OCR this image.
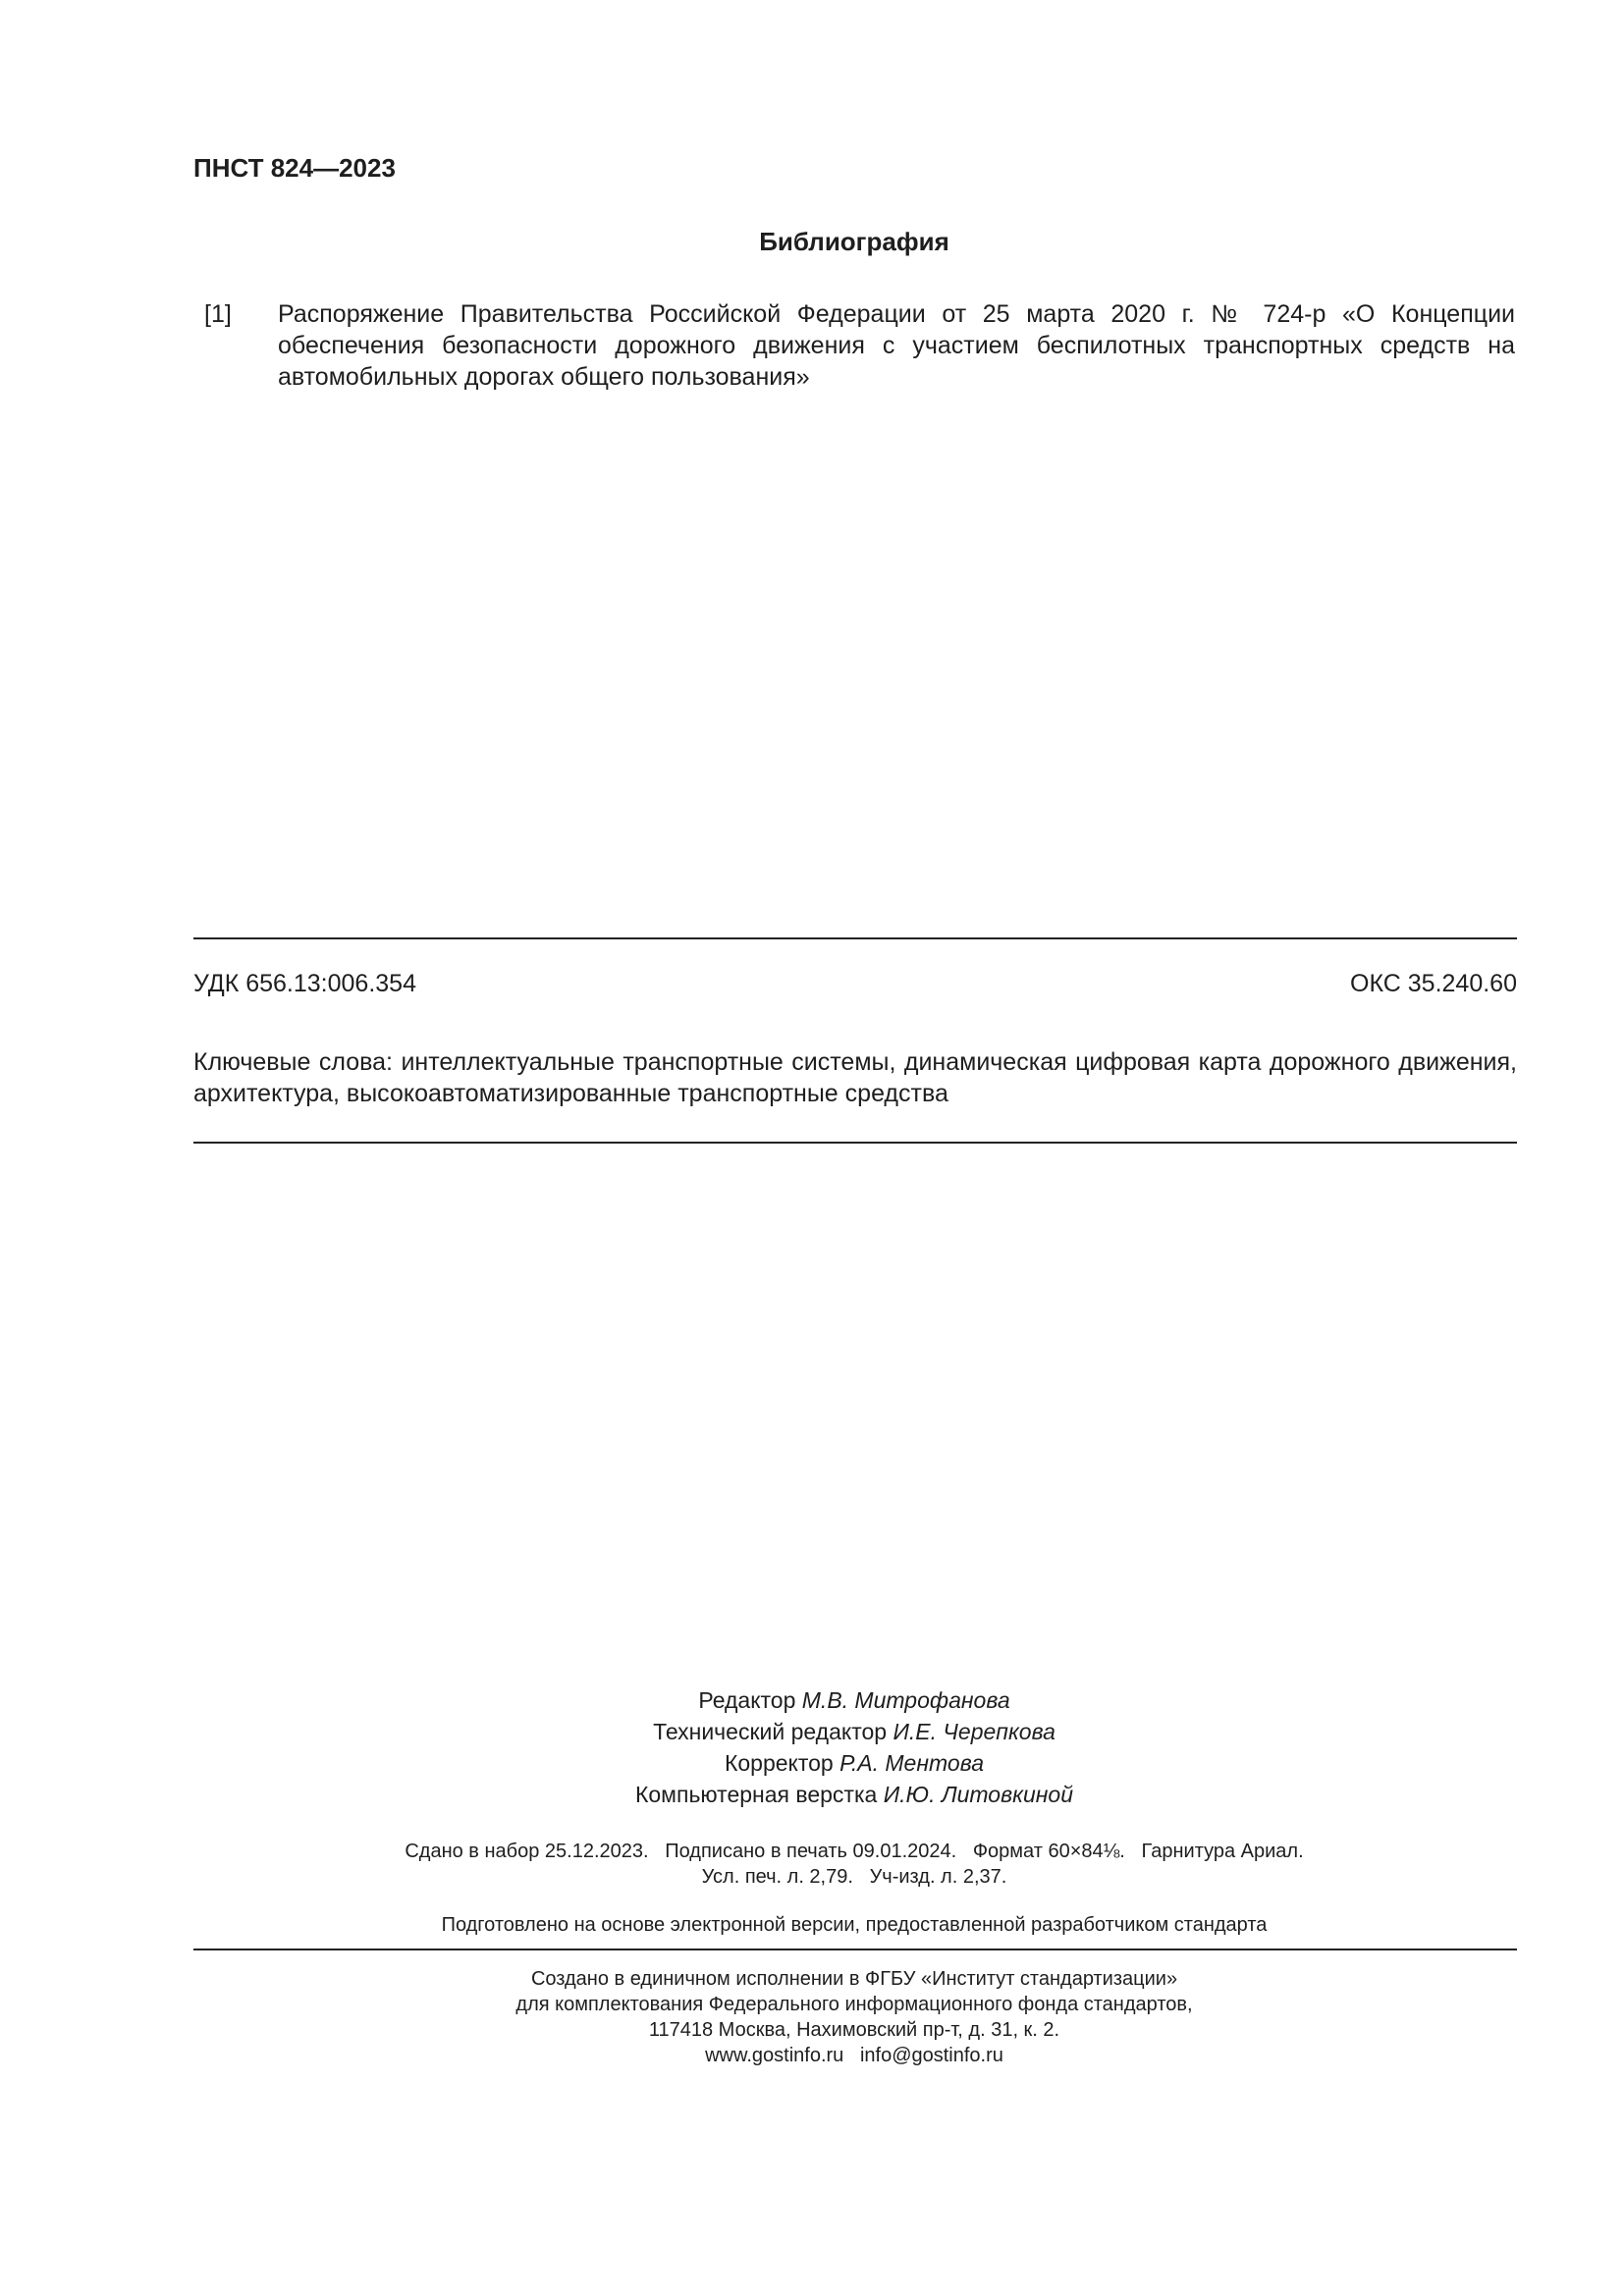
ПНСТ 824—2023
Библиография
[1] Распоряжение Правительства Российской Федерации от 25 марта 2020 г. № 724-р «О Концепции обеспечения безопасности дорожного движения с участием беспилотных транспортных средств на автомобильных дорогах общего пользования»
УДК 656.13:006.354	ОКС 35.240.60
Ключевые слова: интеллектуальные транспортные системы, динамическая цифровая карта дорожного движения, архитектура, высокоавтоматизированные транспортные средства
Редактор М.В. Митрофанова
Технический редактор И.Е. Черепкова
Корректор Р.А. Ментова
Компьютерная верстка И.Ю. Литовкиной
Сдано в набор 25.12.2023.   Подписано в печать 09.01.2024.   Формат 60×84⅛.   Гарнитура Ариал.
Усл. печ. л. 2,79.   Уч-изд. л. 2,37.
Подготовлено на основе электронной версии, предоставленной разработчиком стандарта
Создано в единичном исполнении в ФГБУ «Институт стандартизации»
для комплектования Федерального информационного фонда стандартов,
117418 Москва, Нахимовский пр-т, д. 31, к. 2.
www.gostinfo.ru   info@gostinfo.ru
